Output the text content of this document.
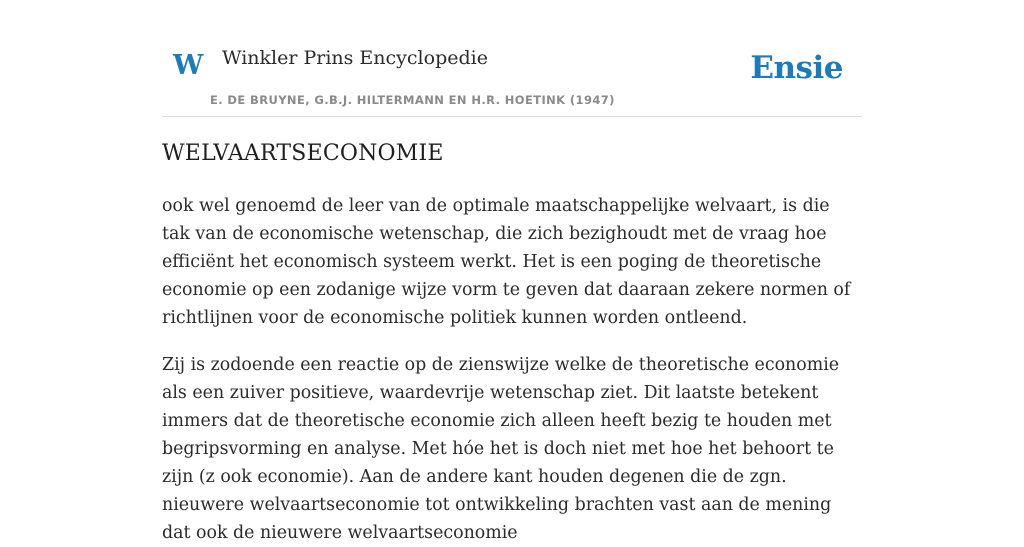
W Winkler Prins Encyclopedie
E. DE BRUYNE, G.B.J. HILTERMANN EN H.R. HOETINK (1947)
Ensie
WELVAARTSECONOMIE

ook wel genoemd de leer van de optimale maatschappelijke welvaart, is die tak van de economische wetenschap, die zich bezighoudt met de vraag hoe efficiënt het economisch systeem werkt. Het is een poging de theoretische economie op een zodanige wijze vorm te geven dat daaraan zekere normen of richtlijnen voor de economische politiek kunnen worden ontleend.

Zij is zodoende een reactie op de zienswijze welke de theoretische economie als een zuiver positieve, waardevrije wetenschap ziet. Dit laatste betekent immers dat de theoretische economie zich alleen heeft bezig te houden met begripsvorming en analyse. Met hóe het is doch niet met hoe het behoort te zijn (z ook economie). Aan de andere kant houden degenen die de zgn. nieuwere welvaartseconomie tot ontwikkeling brachten vast aan de mening dat ook de nieuwere welvaartseconomie
